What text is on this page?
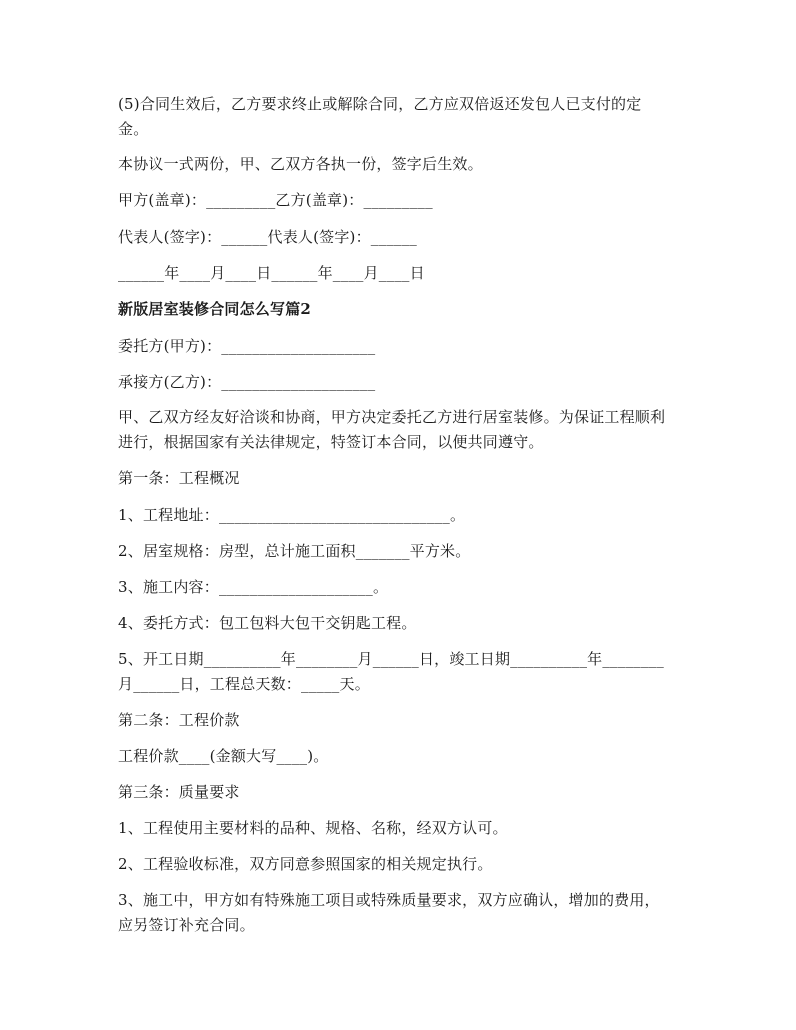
(5)合同生效后，乙方要求终止或解除合同，乙方应双倍返还发包人已支付的定
金。
本协议一式两份，甲、乙双方各执一份，签字后生效。
甲方(盖章)：_________乙方(盖章)：_________
代表人(签字)：______代表人(签字)：______
______年____月____日______年____月____日
新版居室装修合同怎么写篇2
委托方(甲方)：____________________
承接方(乙方)：____________________
甲、乙双方经友好洽谈和协商，甲方决定委托乙方进行居室装修。为保证工程顺利
进行，根据国家有关法律规定，特签订本合同，以便共同遵守。
第一条：工程概况
1、工程地址：______________________________。
2、居室规格：房型，总计施工面积_______平方米。
3、施工内容：____________________。
4、委托方式：包工包料大包干交钥匙工程。
5、开工日期__________年________月______日，竣工日期__________年________
月______日，工程总天数：_____天。
第二条：工程价款
工程价款____(金额大写____)。
第三条：质量要求
1、工程使用主要材料的品种、规格、名称，经双方认可。
2、工程验收标准，双方同意参照国家的相关规定执行。
3、施工中，甲方如有特殊施工项目或特殊质量要求，双方应确认，增加的费用，
应另签订补充合同。
